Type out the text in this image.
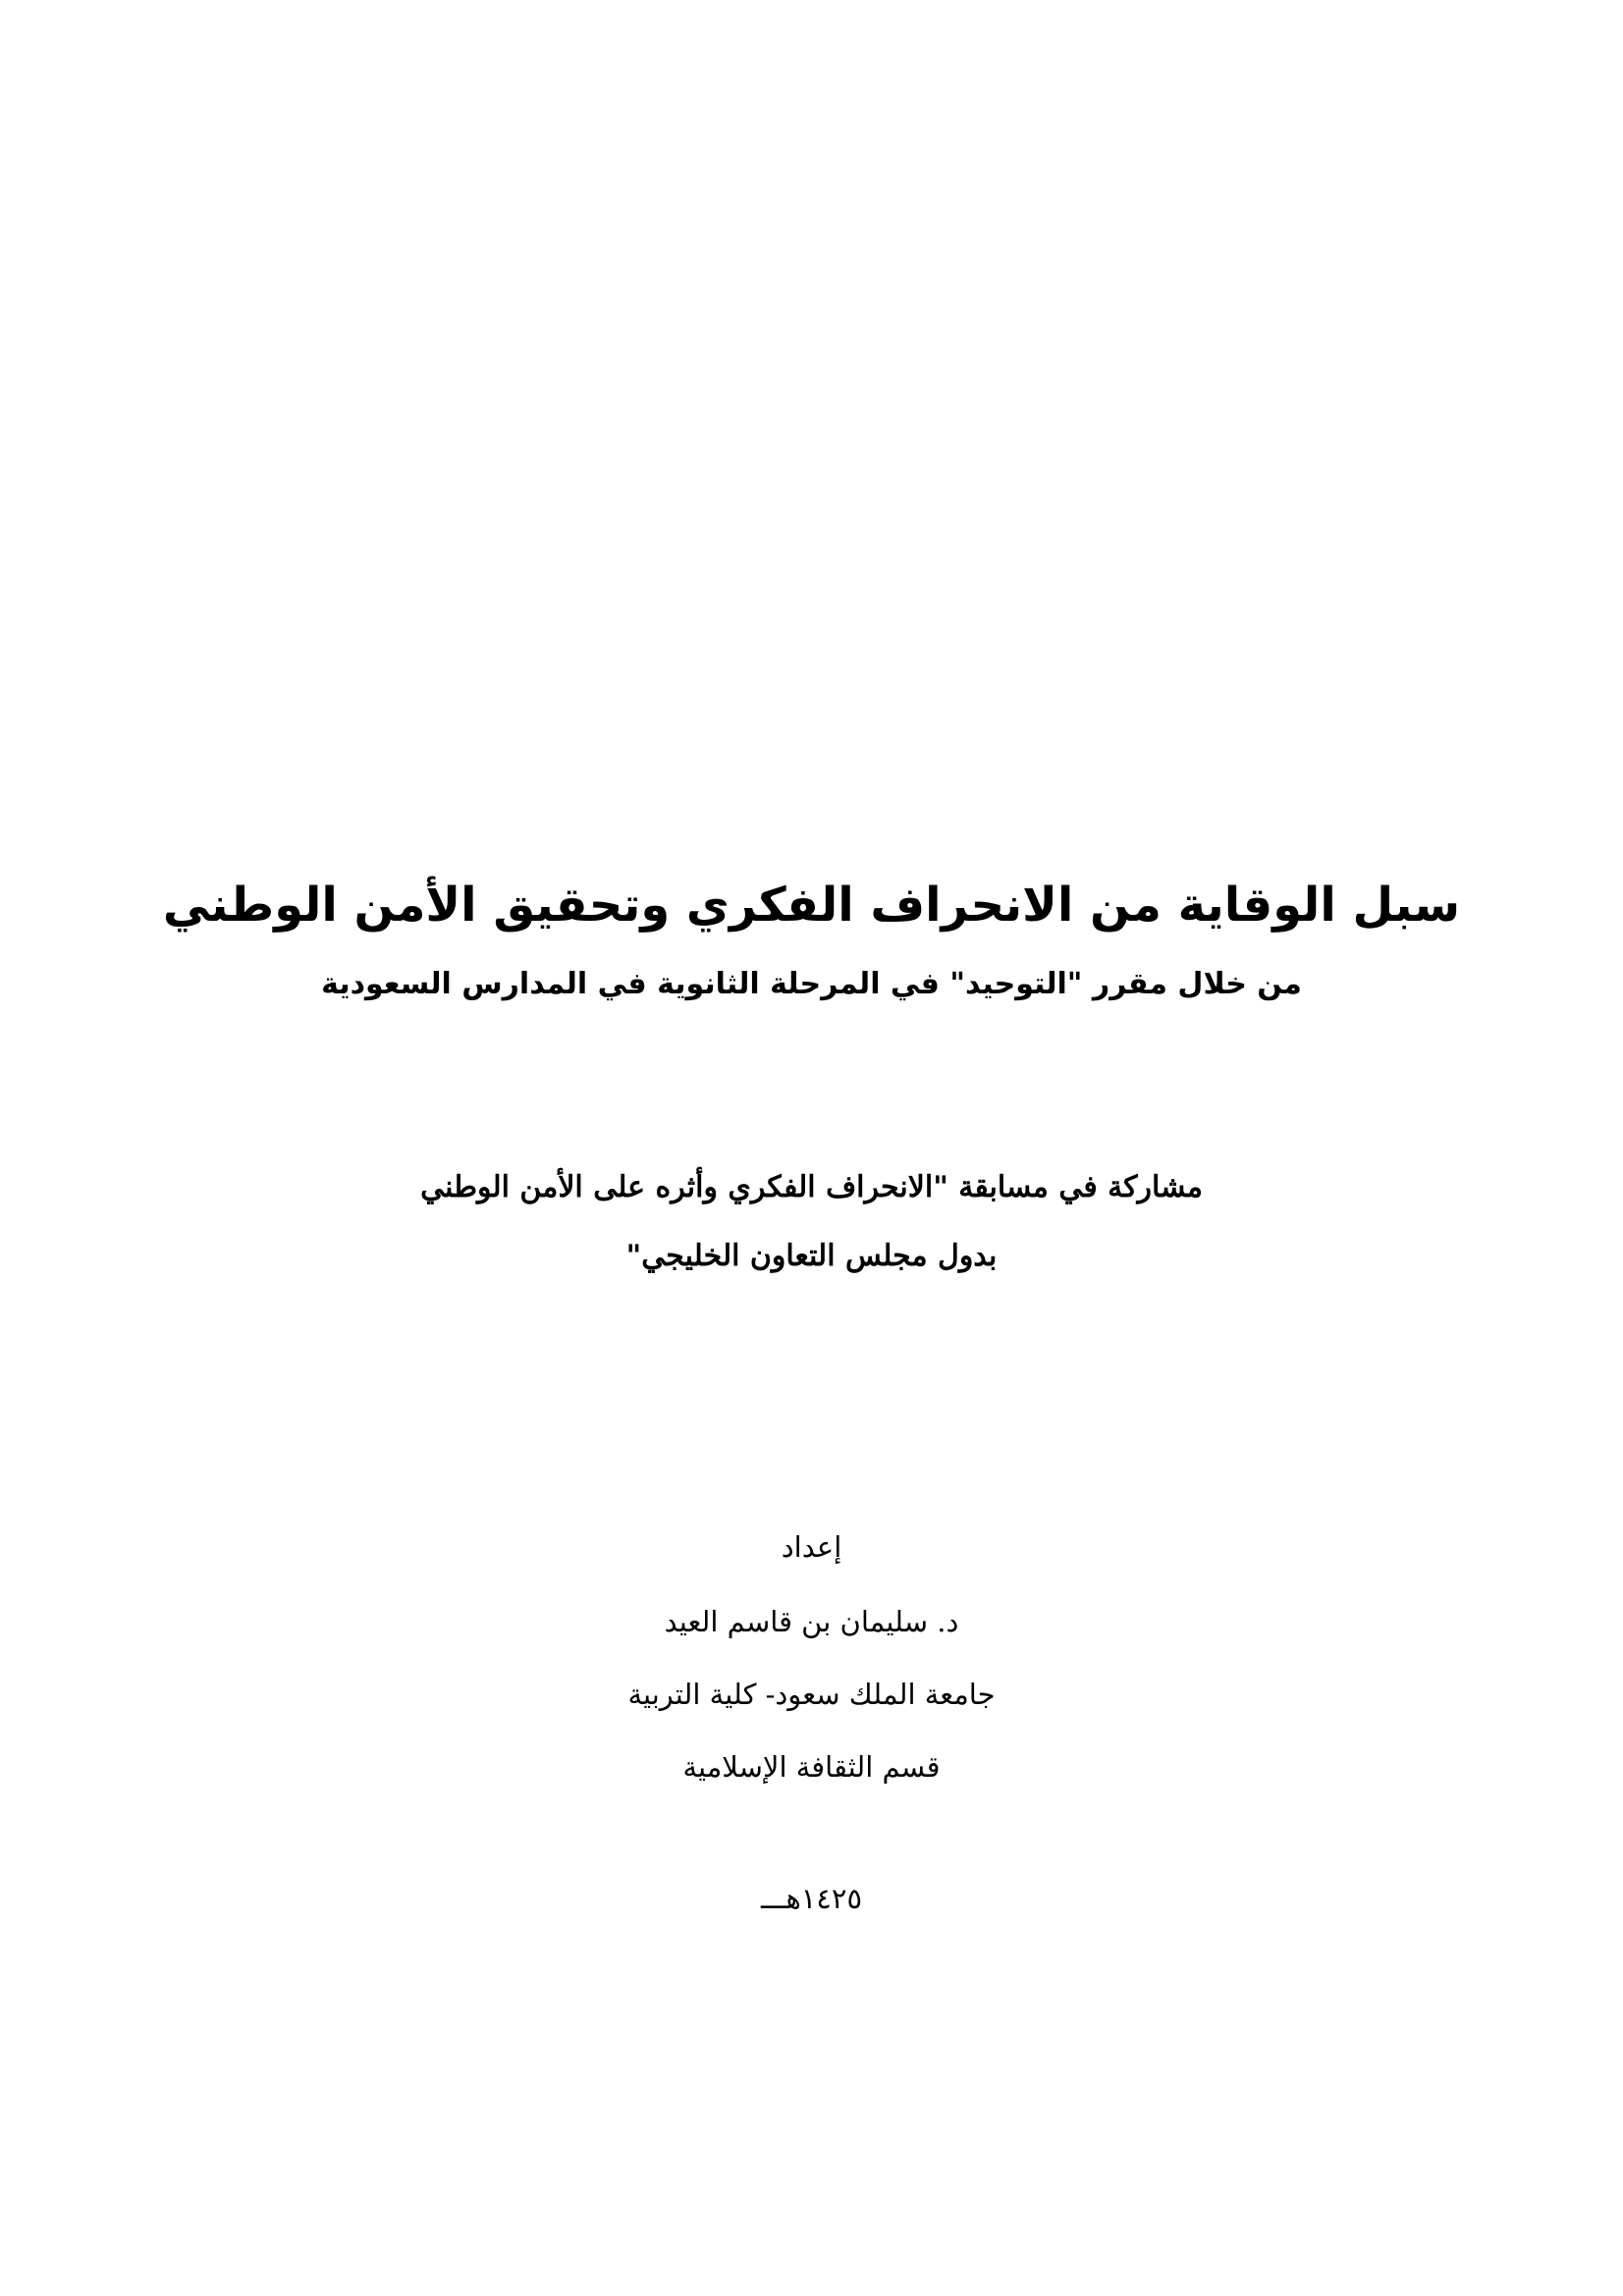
سبل الوقاية من الانحراف الفكري وتحقيق الأمن الوطني
من خلال مقرر "التوحيد" في المرحلة الثانوية في المدارس السعودية
مشاركة في مسابقة "الانحراف الفكري وأثره على الأمن الوطني
بدول مجلس التعاون الخليجي"
إعداد
د. سليمان بن قاسم العيد
جامعة الملك سعود- كلية التربية
قسم الثقافة الإسلامية
١٤٢٥هـــ
